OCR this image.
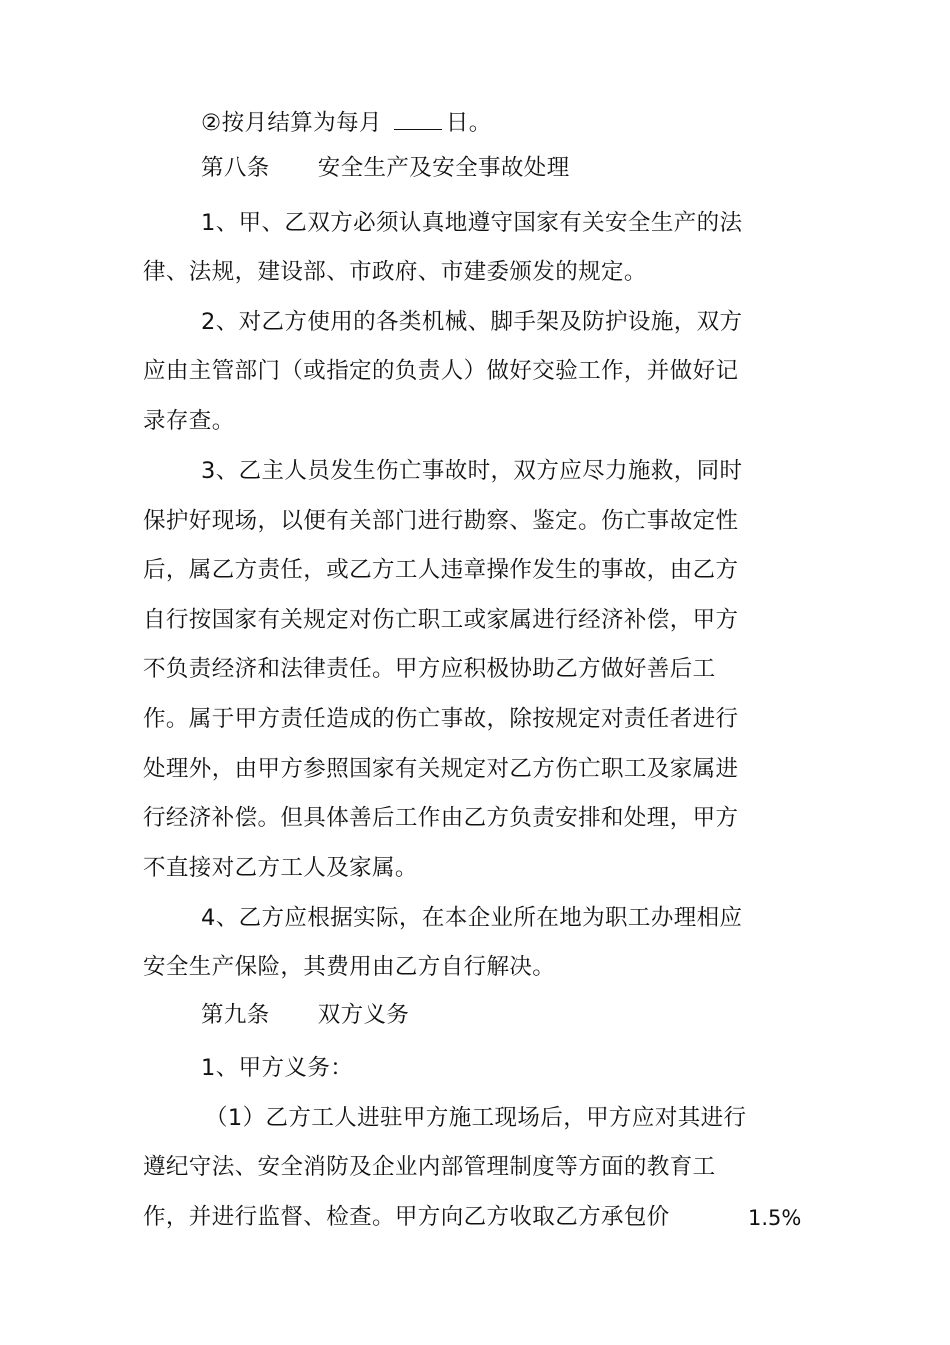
②按月结算为每月	日。
第八条 安全生产及安全事故处理
1、甲、乙双方必须认真地遵守国家有关安全生产的法
律、法规，建设部、市政府、市建委颁发的规定。
2、对乙方使用的各类机械、脚手架及防护设施，双方
应由主管部门（或指定的负责人）做好交验工作，并做好记
录存查。
3、乙主人员发生伤亡事故时，双方应尽力施救，同时
保护好现场，以便有关部门进行勘察、鉴定。伤亡事故定性
后，属乙方责任，或乙方工人违章操作发生的事故，由乙方
自行按国家有关规定对伤亡职工或家属进行经济补偿，甲方
不负责经济和法律责任。甲方应积极协助乙方做好善后工
作。属于甲方责任造成的伤亡事故，除按规定对责任者进行
处理外，由甲方参照国家有关规定对乙方伤亡职工及家属进
行经济补偿。但具体善后工作由乙方负责安排和处理，甲方
不直接对乙方工人及家属。
4、乙方应根据实际，在本企业所在地为职工办理相应
安全生产保险，其费用由乙方自行解决。
第九条 双方义务
1、甲方义务：
（1）乙方工人进驻甲方施工现场后，甲方应对其进行
遵纪守法、安全消防及企业内部管理制度等方面的教育工
作，并进行监督、检查。甲方向乙方收取乙方承包价	1.5%
